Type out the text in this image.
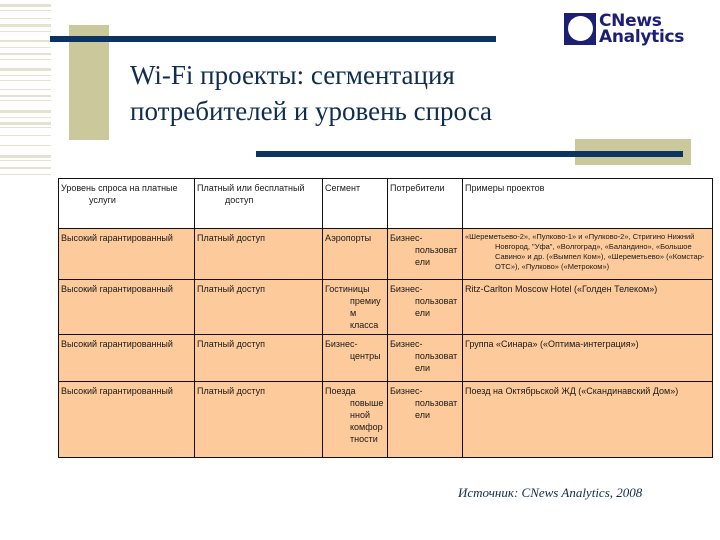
Wi-Fi проекты: сегментация потребителей и уровень спроса
CNews
Analytics
Уровень спроса на платные услуги	Платный или бесплатный доступ	Сегмент	Потребители	Примеры проектов
Высокий гарантированный	Платный доступ	Аэропорты	Бизнес-пользователи	«Шереметьево-2», «Пулково-1» и «Пулково-2», Стригино Нижний Новгород, "Уфа", «Волгоград», «Баландино», «Большое Савино» и др. («Вымпел Ком»), «Шереметьево» («Комстар-ОТС»), «Пулково» («Метроком»)

Высокий гарантированный	Платный доступ	Гостиницы премиум класса	Бизнес-пользователи	Ritz-Carlton Moscow Hotel («Голден Телеком»)
Высокий гарантированный	Платный доступ	Бизнес-центры	Бизнес-пользователи	Группа «Синара» («Оптима-интеграция»)
Высокий гарантированный	Платный доступ	Поезда повышенной комфортности	Бизнес-пользователи	Поезд на Октябрьской ЖД («Скандинавский Дом»)
Источник: CNews Analytics, 2008
